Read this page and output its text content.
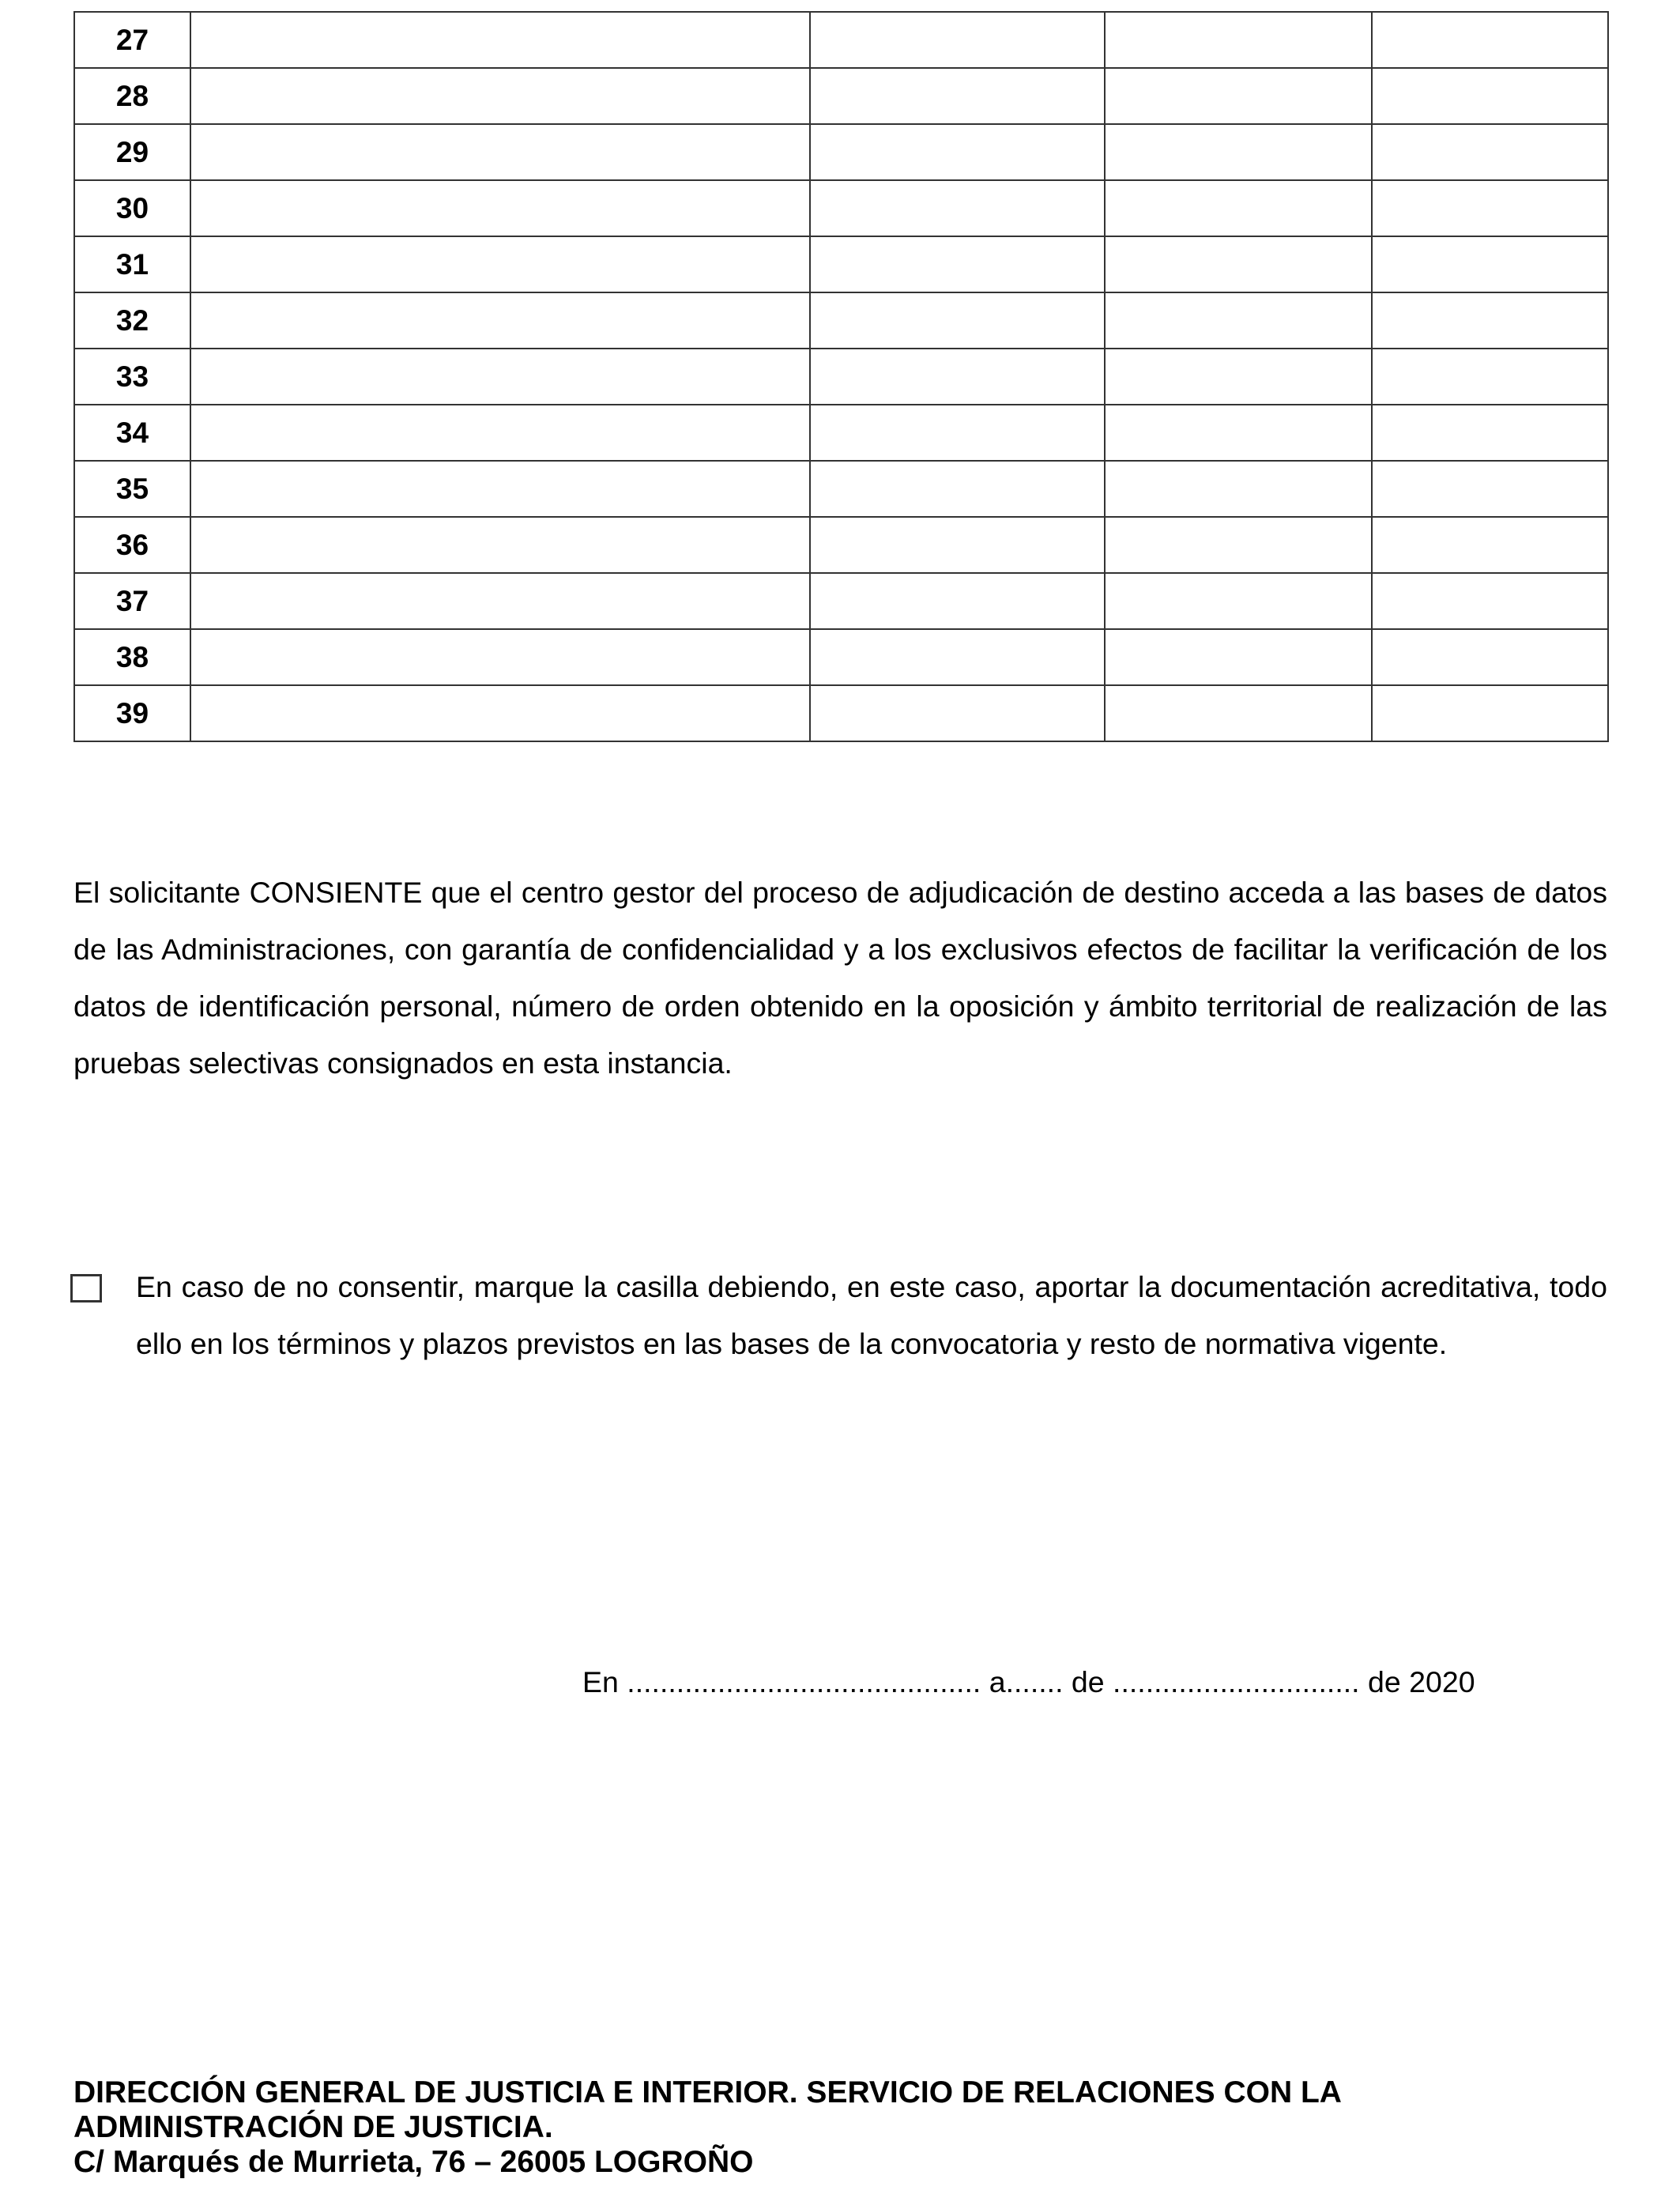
27				
28				
29				
30				
31				
32				
33				
34				
35				
36				
37				
38				
39				

El solicitante CONSIENTE que el centro gestor del proceso de adjudicación de destino acceda a las bases de datos de las Administraciones, con garantía de confidencialidad y a los exclusivos efectos de facilitar la verificación de los datos de identificación personal, número de orden obtenido en la oposición y ámbito territorial de realización de las pruebas selectivas consignados en esta instancia.

En caso de no consentir, marque la casilla debiendo, en este caso, aportar la documentación acreditativa, todo ello en los términos y plazos previstos en las bases de la convocatoria y resto de normativa vigente.

En ........................................... a....... de .............................. de 2020
DIRECCIÓN GENERAL DE JUSTICIA E INTERIOR. SERVICIO DE RELACIONES CON LA
ADMINISTRACIÓN DE JUSTICIA.
C/ Marqués de Murrieta, 76 – 26005 LOGROÑO
